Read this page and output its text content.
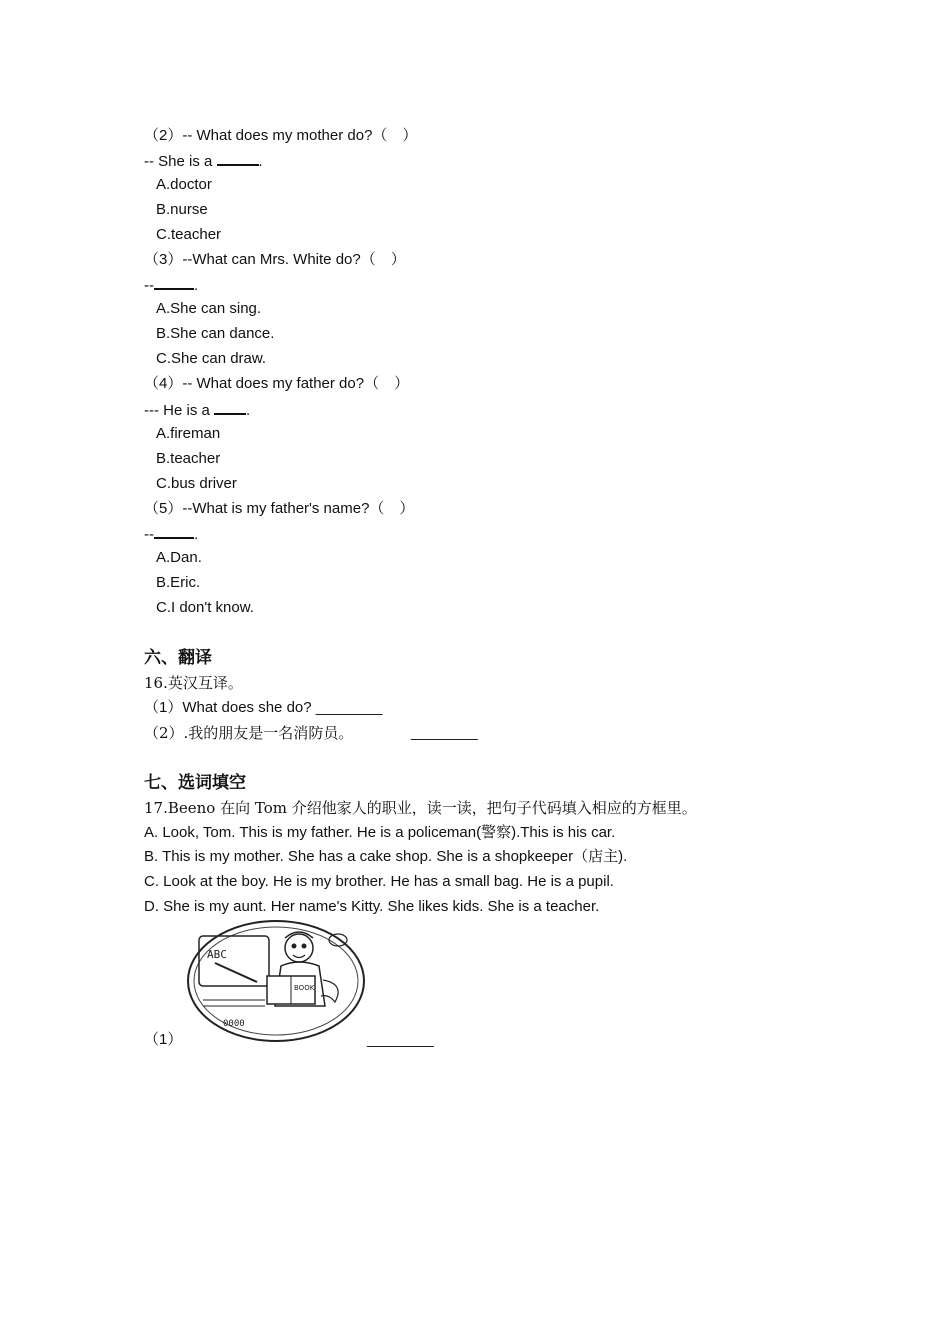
（2）-- What does my mother do?（　）
-- She is a	.
A.doctor
B.nurse
C.teacher
（3）--What can Mrs. White do?（　）
--	.
A.She can sing.
B.She can dance.
C.She can draw.
（4）-- What does my father do?（　）
--- He is a .
A.fireman
B.teacher
C.bus driver
（5）--What is my father's name?（　）
--	.
A.Dan.
B.Eric.
C.I don't know.
六、翻译
16.英汉互译。
（1）What does she do? ________
（2）.我的朋友是一名消防员。	________
七、选词填空
17.Beeno 在向 Tom 介绍他家人的职业，读一读，把句子代码填入相应的方框里。
A. Look, Tom. This is my father. He is a policeman(警察).This is his car.
B. This is my mother. She has a cake shop. She is a shopkeeper（店主).
C. Look at the boy. He is my brother. He has a small bag. He is a pupil.
D. She is my aunt. Her name's Kitty. She likes kids. She is a teacher.
ABC
BOOK
0000
（1）	________
